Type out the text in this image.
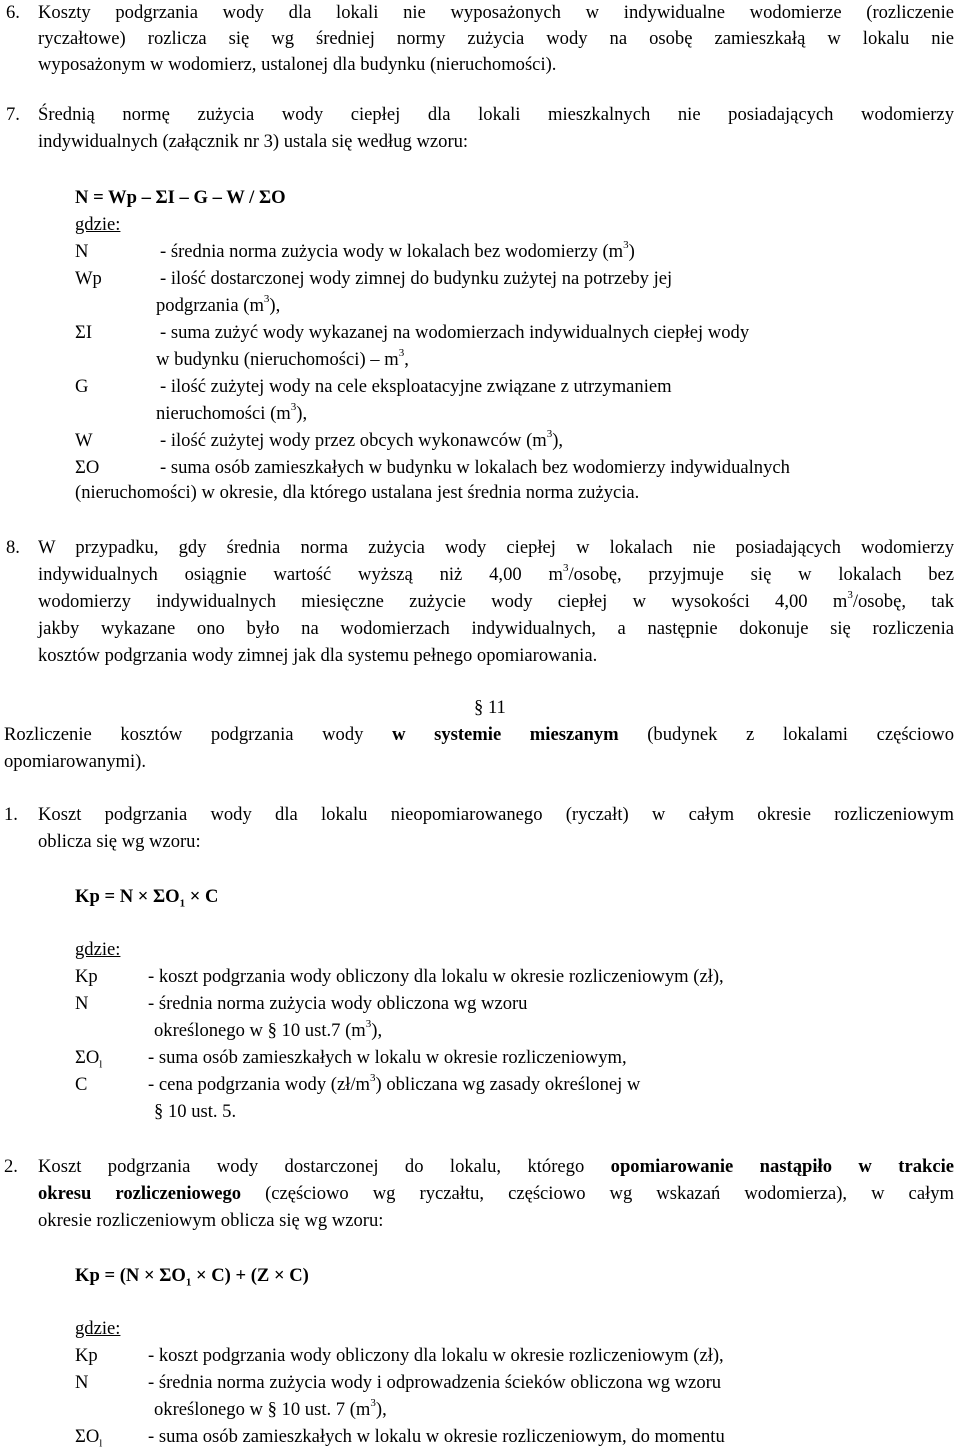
6. Koszty podgrzania wody dla lokali nie wyposażonych w indywidualne wodomierze (rozliczenie
ryczałtowe) rozlicza się wg średniej normy zużycia wody na osobę zamieszkałą w lokalu nie
wyposażonym w wodomierz, ustalonej dla budynku (nieruchomości).
7. Średnią normę zużycia wody ciepłej dla lokali mieszkalnych nie posiadających wodomierzy
indywidualnych (załącznik nr 3) ustala się według wzoru:
N = Wp – ΣI – G – W / ΣO
gdzie:
N	- średnia norma zużycia wody w lokalach bez wodomierzy $(m^3)$
Wp	- ilość dostarczonej wody zimnej do budynku zużytej na potrzeby jej
podgrzania $(m^3)$,
ΣI	- suma zużyć wody wykazanej na wodomierzach indywidualnych ciepłej wody
w budynku (nieruchomości) – $m^3$,
G	- ilość zużytej wody na cele eksploatacyjne związane z utrzymaniem
nieruchomości $(m^3)$,
W	- ilość zużytej wody przez obcych wykonawców $(m^3)$,
ΣO	- suma osób zamieszkałych w budynku w lokalach bez wodomierzy indywidualnych
(nieruchomości) w okresie, dla którego ustalana jest średnia norma zużycia.
8. W przypadku, gdy średnia norma zużycia wody ciepłej w lokalach nie posiadających wodomierzy
indywidualnych osiągnie wartość wyższą niż 4,00 $m^3$/osobę, przyjmuje się w lokalach bez
wodomierzy indywidualnych miesięczne zużycie wody ciepłej w wysokości 4,00 $m^3$/osobę, tak
jakby wykazane ono było na wodomierzach indywidualnych, a następnie dokonuje się rozliczenia
kosztów podgrzania wody zimnej jak dla systemu pełnego opomiarowania.
§ 11
Rozliczenie kosztów podgrzania wody w systemie mieszanym (budynek z lokalami częściowo
opomiarowanymi).
1. Koszt podgrzania wody dla lokalu nieopomiarowanego (ryczałt) w całym okresie rozliczeniowym
oblicza się wg wzoru:
$Kp = N \times \Sigma O_1 \times C$
gdzie:
Kp	- koszt podgrzania wody obliczony dla lokalu w okresie rozliczeniowym (zł),
N	- średnia norma zużycia wody obliczona wg wzoru
określonego w § 10 ust.7 $(m^3)$,
$\Sigma O_l$ - suma osób zamieszkałych w lokalu w okresie rozliczeniowym,
C	- cena podgrzania wody $(zł/m^3)$ obliczana wg zasady określonej w
§ 10 ust. 5.
2. Koszt podgrzania wody dostarczonej do lokalu, którego opomiarowanie nastąpiło w trakcie
okresu rozliczeniowego (częściowo wg ryczałtu, częściowo wg wskazań wodomierza), w całym
okresie rozliczeniowym oblicza się wg wzoru:
$Kp = (N \times \Sigma O_1 \times C) + (Z \times C)$
gdzie:
Kp	- koszt podgrzania wody obliczony dla lokalu w okresie rozliczeniowym (zł),
N	- średnia norma zużycia wody i odprowadzenia ścieków obliczona wg wzoru
określonego w § 10 ust. 7 $(m^3)$,
$\Sigma O_l$ - suma osób zamieszkałych w lokalu w okresie rozliczeniowym, do momentu
